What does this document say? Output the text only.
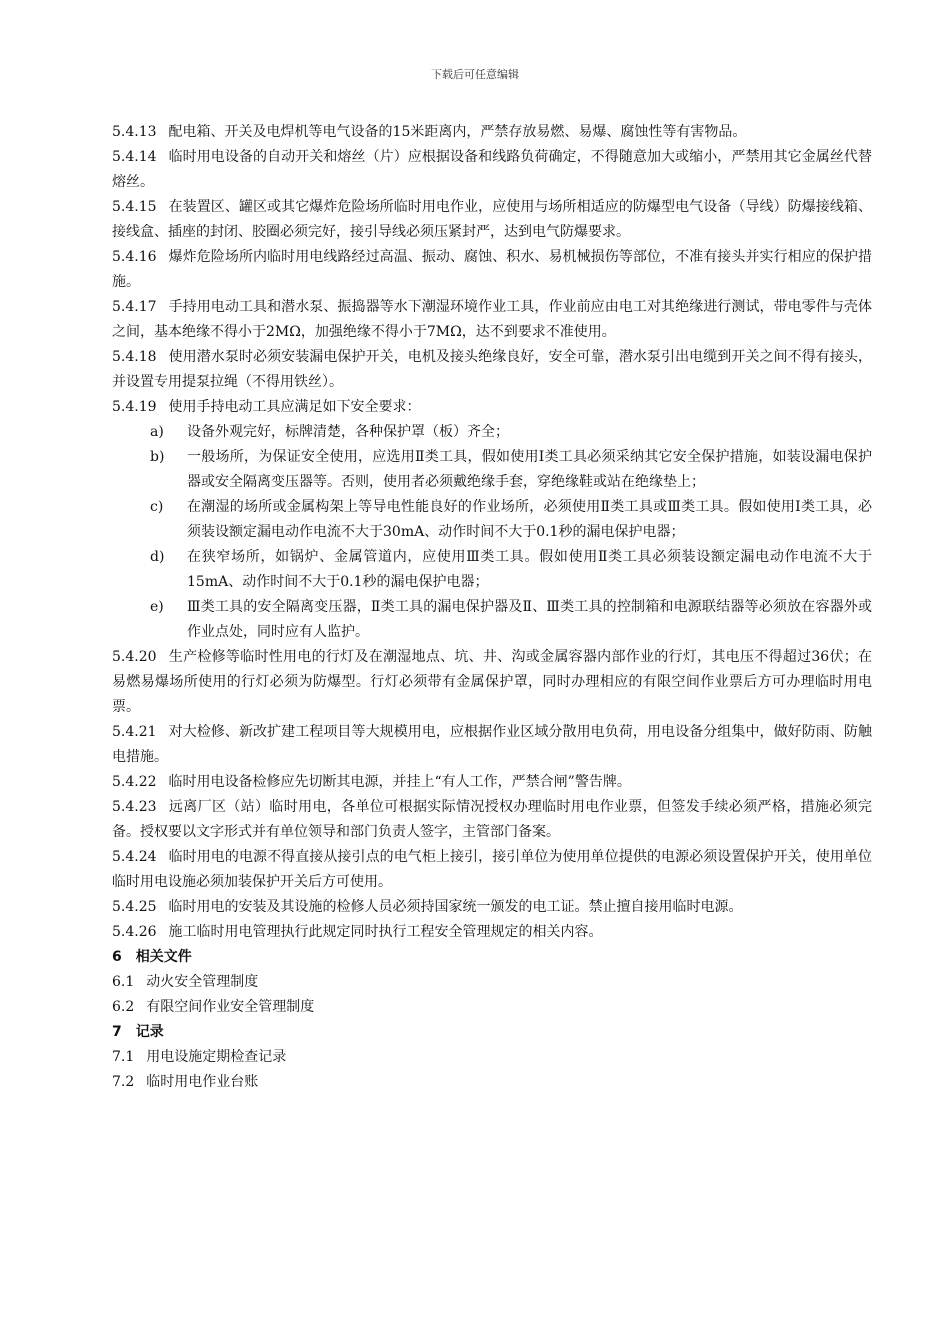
下载后可任意编辑

5.4.13 配电箱、开关及电焊机等电气设备的15米距离内，严禁存放易燃、易爆、腐蚀性等有害物品。

5.4.14 临时用电设备的自动开关和熔丝（片）应根据设备和线路负荷确定，不得随意加大或缩小，严禁用其它金属丝代替熔丝。

5.4.15 在装置区、罐区或其它爆炸危险场所临时用电作业，应使用与场所相适应的防爆型电气设备（导线）防爆接线箱、接线盒、插座的封闭、胶圈必须完好，接引导线必须压紧封严，达到电气防爆要求。

5.4.16 爆炸危险场所内临时用电线路经过高温、振动、腐蚀、积水、易机械损伤等部位，不准有接头并实行相应的保护措施。

5.4.17 手持用电动工具和潜水泵、振捣器等水下潮湿环境作业工具，作业前应由电工对其绝缘进行测试，带电零件与壳体之间，基本绝缘不得小于2MΩ，加强绝缘不得小于7MΩ，达不到要求不准使用。

5.4.18 使用潜水泵时必须安装漏电保护开关，电机及接头绝缘良好，安全可靠，潜水泵引出电缆到开关之间不得有接头，并设置专用提泵拉绳（不得用铁丝）。

5.4.19 使用手持电动工具应满足如下安全要求：

a) 设备外观完好，标牌清楚，各种保护罩（板）齐全；

b) 一般场所，为保证安全使用，应选用Ⅱ类工具，假如使用Ⅰ类工具必须采纳其它安全保护措施，如装设漏电保护器或安全隔离变压器等。否则，使用者必须戴绝缘手套，穿绝缘鞋或站在绝缘垫上；

c) 在潮湿的场所或金属构架上等导电性能良好的作业场所，必须使用Ⅱ类工具或Ⅲ类工具。假如使用Ⅰ类工具，必须装设额定漏电动作电流不大于30mA、动作时间不大于0.1秒的漏电保护电器；

d) 在狭窄场所，如锅炉、金属管道内，应使用Ⅲ类工具。假如使用Ⅱ类工具必须装设额定漏电动作电流不大于15mA、动作时间不大于0.1秒的漏电保护电器；

e) Ⅲ类工具的安全隔离变压器，Ⅱ类工具的漏电保护器及Ⅱ、Ⅲ类工具的控制箱和电源联结器等必须放在容器外或作业点处，同时应有人监护。

5.4.20 生产检修等临时性用电的行灯及在潮湿地点、坑、井、沟或金属容器内部作业的行灯，其电压不得超过36伏；在易燃易爆场所使用的行灯必须为防爆型。行灯必须带有金属保护罩，同时办理相应的有限空间作业票后方可办理临时用电票。

5.4.21 对大检修、新改扩建工程项目等大规模用电，应根据作业区域分散用电负荷，用电设备分组集中，做好防雨、防触电措施。

5.4.22 临时用电设备检修应先切断其电源，并挂上“有人工作，严禁合闸”警告牌。

5.4.23 远离厂区（站）临时用电，各单位可根据实际情况授权办理临时用电作业票，但签发手续必须严格，措施必须完备。授权要以文字形式并有单位领导和部门负责人签字，主管部门备案。

5.4.24 临时用电的电源不得直接从接引点的电气柜上接引，接引单位为使用单位提供的电源必须设置保护开关，使用单位临时用电设施必须加装保护开关后方可使用。

5.4.25 临时用电的安装及其设施的检修人员必须持国家统一颁发的电工证。禁止擅自接用临时电源。

5.4.26 施工临时用电管理执行此规定同时执行工程安全管理规定的相关内容。

6 相关文件

6.1 动火安全管理制度

6.2 有限空间作业安全管理制度

7 记录

7.1 用电设施定期检查记录

7.2 临时用电作业台账
